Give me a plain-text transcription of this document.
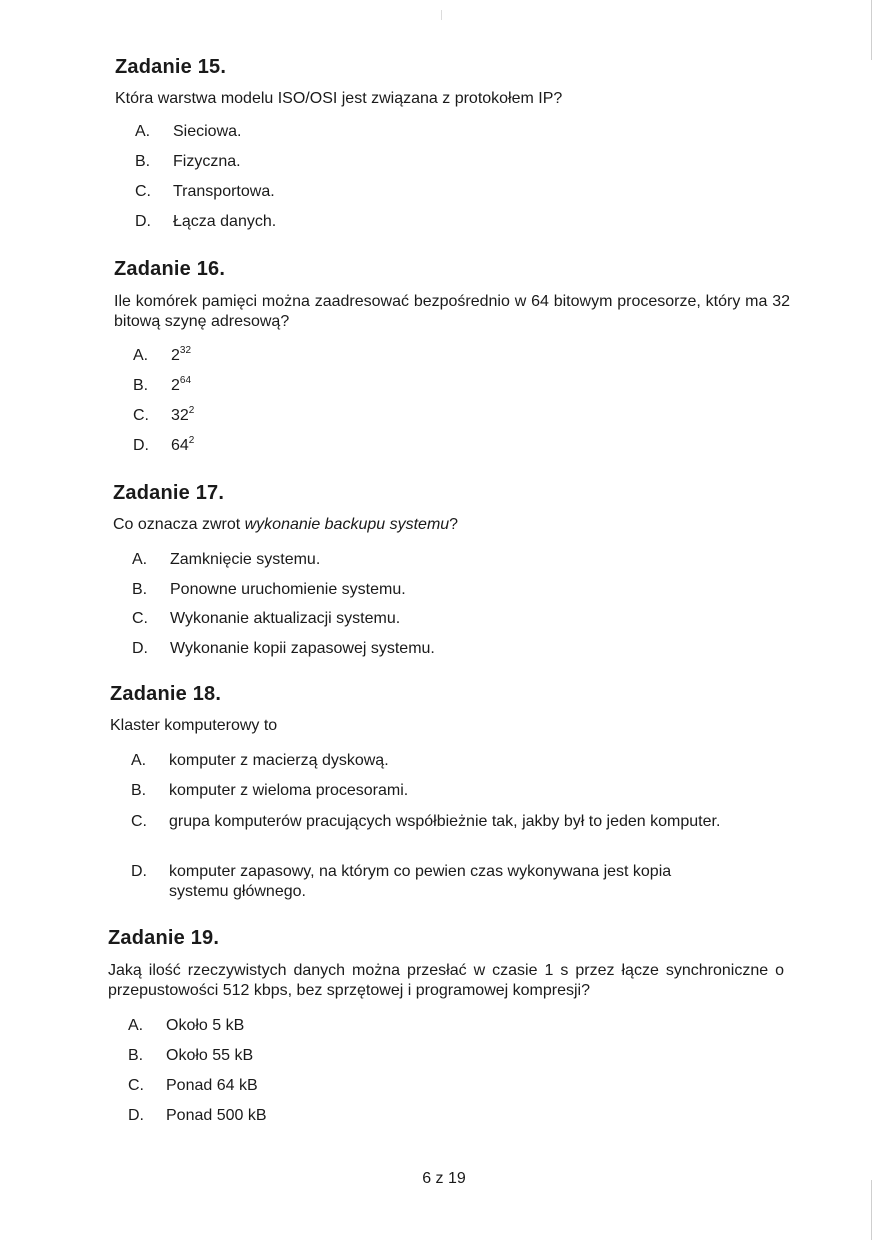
Zadanie 15.
Która warstwa modelu ISO/OSI jest związana z protokołem IP?
A. Sieciowa.
B. Fizyczna.
C. Transportowa.
D. Łącza danych.
Zadanie 16.
Ile komórek pamięci można zaadresować bezpośrednio w 64 bitowym procesorze, który ma 32 bitową szynę adresową?
A. $2^{32}$
B. $2^{64}$
C. $32^2$
D. $64^2$
Zadanie 17.
Co oznacza zwrot wykonanie backupu systemu?
A. Zamknięcie systemu.
B. Ponowne uruchomienie systemu.
C. Wykonanie aktualizacji systemu.
D. Wykonanie kopii zapasowej systemu.
Zadanie 18.
Klaster komputerowy to
A. komputer z macierzą dyskową.
B. komputer z wieloma procesorami.
C. grupa komputerów pracujących współbieżnie tak, jakby był to jeden komputer.
D. komputer zapasowy, na którym co pewien czas wykonywana jest kopia systemu głównego.
Zadanie 19.
Jaką ilość rzeczywistych danych można przesłać w czasie 1 s przez łącze synchroniczne o przepustowości 512 kbps, bez sprzętowej i programowej kompresji?
A. Około 5 kB
B. Około 55 kB
C. Ponad 64 kB
D. Ponad 500 kB
6 z 19
